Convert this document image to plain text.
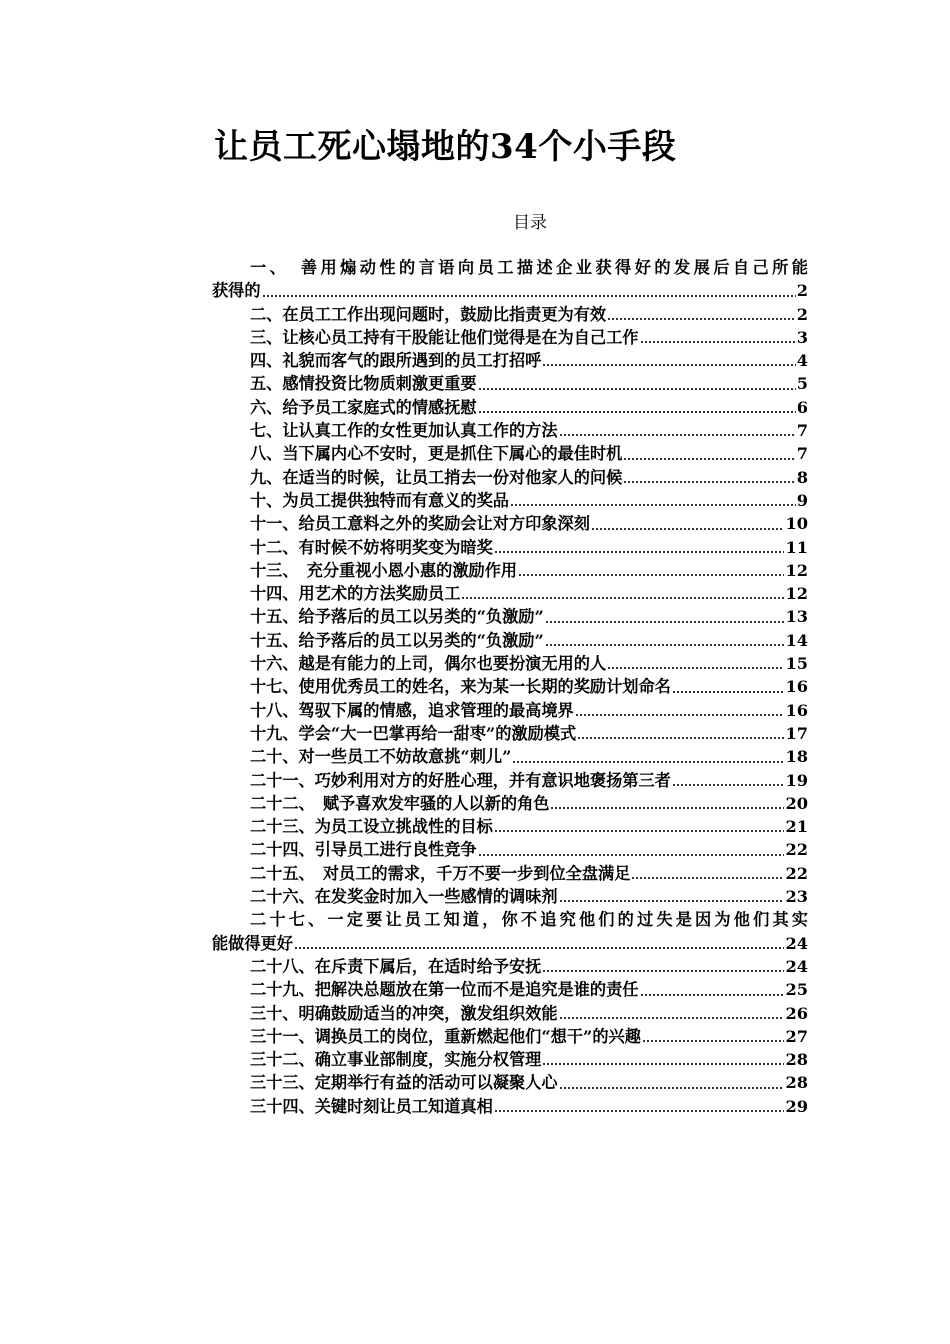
让员工死心塌地的34个小手段
目录
一、　善用煽动性的言语向员工描述企业获得好的发展后自己所能
获得的	2
二、在员工工作出现问题时，鼓励比指责更为有效	2
三、让核心员工持有干股能让他们觉得是在为自己工作	3
四、礼貌而客气的跟所遇到的员工打招呼	4
五、感情投资比物质刺激更重要	5
六、给予员工家庭式的情感抚慰	6
七、让认真工作的女性更加认真工作的方法	7
八、当下属内心不安时，更是抓住下属心的最佳时机	7
九、在适当的时候，让员工捎去一份对他家人的问候	8
十、为员工提供独特而有意义的奖品	9
十一、给员工意料之外的奖励会让对方印象深刻	10
十二、有时候不妨将明奖变为暗奖	11
十三、　充分重视小恩小惠的激励作用	12
十四、用艺术的方法奖励员工	12
十五、给予落后的员工以另类的“负激励”	13
十五、给予落后的员工以另类的“负激励”	14
十六、越是有能力的上司，偶尔也要扮演无用的人	15
十七、使用优秀员工的姓名，来为某一长期的奖励计划命名	16
十八、驾驭下属的情感，追求管理的最高境界	16
十九、学会“大一巴掌再给一甜枣”的激励模式	17
二十、对一些员工不妨故意挑“刺儿”	18
二十一、巧妙利用对方的好胜心理，并有意识地褒扬第三者	19
二十二、　赋予喜欢发牢骚的人以新的角色	20
二十三、为员工设立挑战性的目标	21
二十四、引导员工进行良性竞争	22
二十五、　对员工的需求，千万不要一步到位全盘满足	22
二十六、在发奖金时加入一些感情的调味剂	23
二十七、一定要让员工知道，你不追究他们的过失是因为他们其实
能做得更好	24
二十八、在斥责下属后，在适时给予安抚	24
二十九、把解决总题放在第一位而不是追究是谁的责任	25
三十、明确鼓励适当的冲突，激发组织效能	26
三十一、调换员工的岗位，重新燃起他们“想干”的兴趣	27
三十二、确立事业部制度，实施分权管理	28
三十三、定期举行有益的活动可以凝聚人心	28
三十四、关键时刻让员工知道真相	29
